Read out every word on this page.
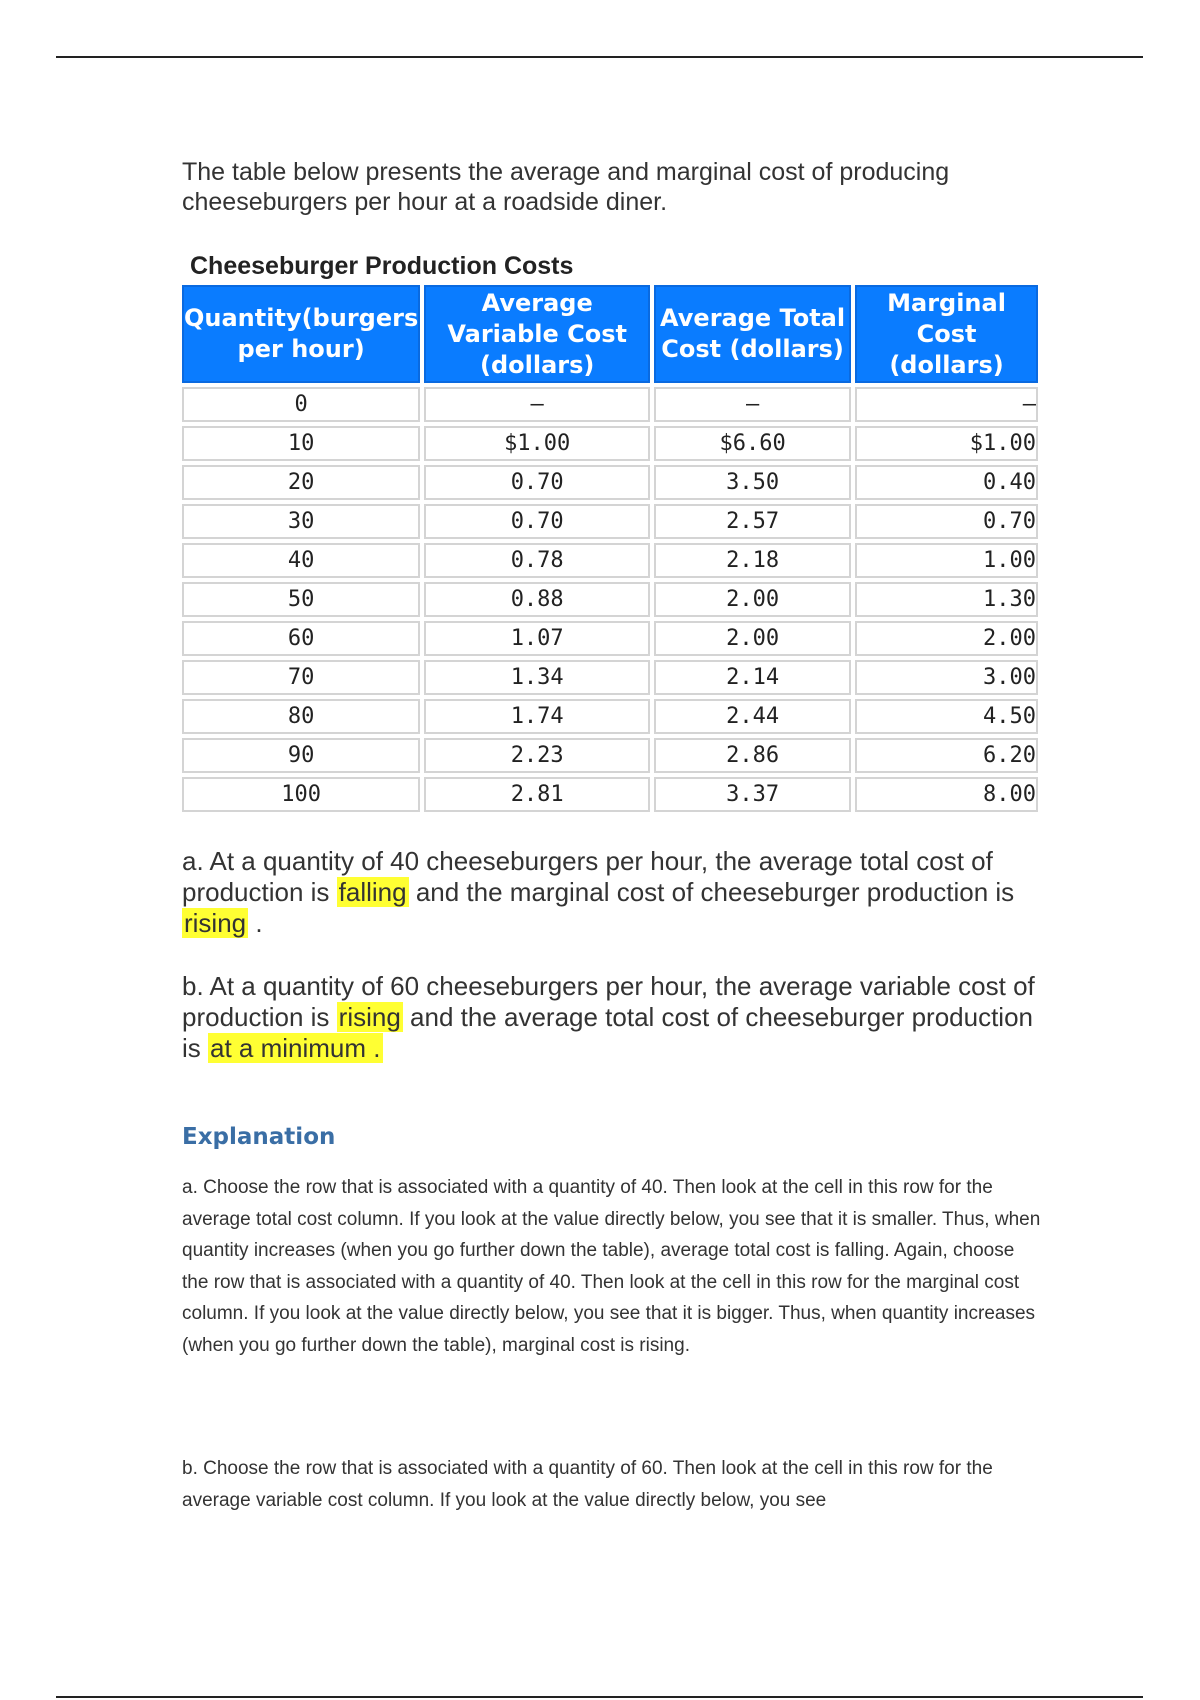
The table below presents the average and marginal cost of producing cheeseburgers per hour at a roadside diner.

Cheeseburger Production Costs
Quantity(burgers per hour)	Average Variable Cost (dollars)	Average Total Cost (dollars)	Marginal Cost (dollars)
0	—	—	—
10	$1.00	$6.60	$1.00
20	0.70	3.50	0.40
30	0.70	2.57	0.70
40	0.78	2.18	1.00
50	0.88	2.00	1.30
60	1.07	2.00	2.00
70	1.34	2.14	3.00
80	1.74	2.44	4.50
90	2.23	2.86	6.20
100	2.81	3.37	8.00

a. At a quantity of 40 cheeseburgers per hour, the average total cost of production is falling and the marginal cost of cheeseburger production is rising .

b. At a quantity of 60 cheeseburgers per hour, the average variable cost of production is rising and the average total cost of cheeseburger production is at a minimum .

Explanation
a. Choose the row that is associated with a quantity of 40. Then look at the cell in this row for the average total cost column. If you look at the value directly below, you see that it is smaller. Thus, when quantity increases (when you go further down the table), average total cost is falling. Again, choose the row that is associated with a quantity of 40. Then look at the cell in this row for the marginal cost column. If you look at the value directly below, you see that it is bigger. Thus, when quantity increases (when you go further down the table), marginal cost is rising.
b. Choose the row that is associated with a quantity of 60. Then look at the cell in this row for the average variable cost column. If you look at the value directly below, you see
